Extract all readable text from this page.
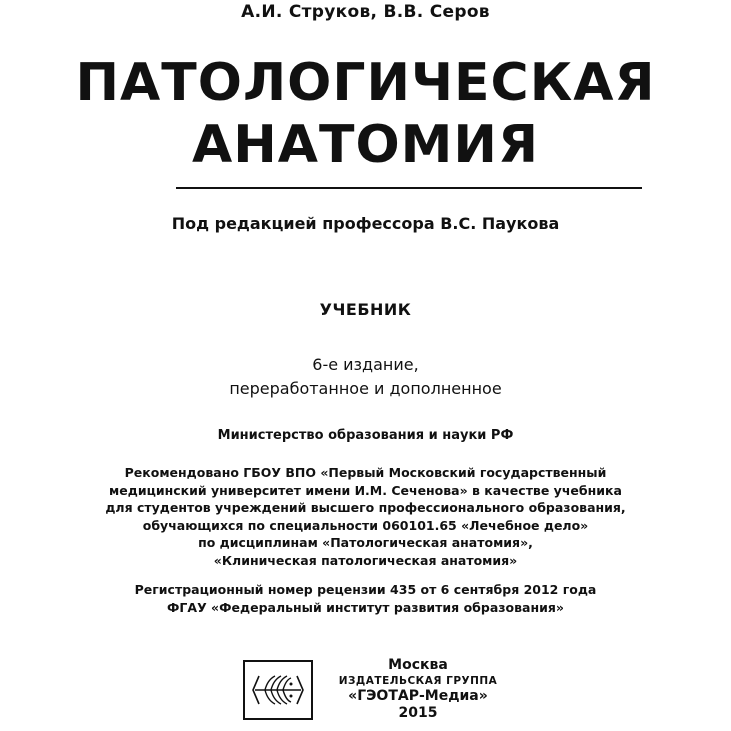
А.И. Струков, В.В. Серов
ПАТОЛОГИЧЕСКАЯ
АНАТОМИЯ
Под редакцией профессора В.С. Паукова
УЧЕБНИК
6-е издание,
переработанное и дополненное
Министерство образования и науки РФ
Рекомендовано ГБОУ ВПО «Первый Московский государственный
медицинский университет имени И.М. Сеченова» в качестве учебника
для студентов учреждений высшего профессионального образования,
обучающихся по специальности 060101.65 «Лечебное дело»
по дисциплинам «Патологическая анатомия»,
«Клиническая патологическая анатомия»
Регистрационный номер рецензии 435 от 6 сентября 2012 года
ФГАУ «Федеральный институт развития образования»
Москва
ИЗДАТЕЛЬСКАЯ ГРУППА
«ГЭОТАР-Медиа»
2015
